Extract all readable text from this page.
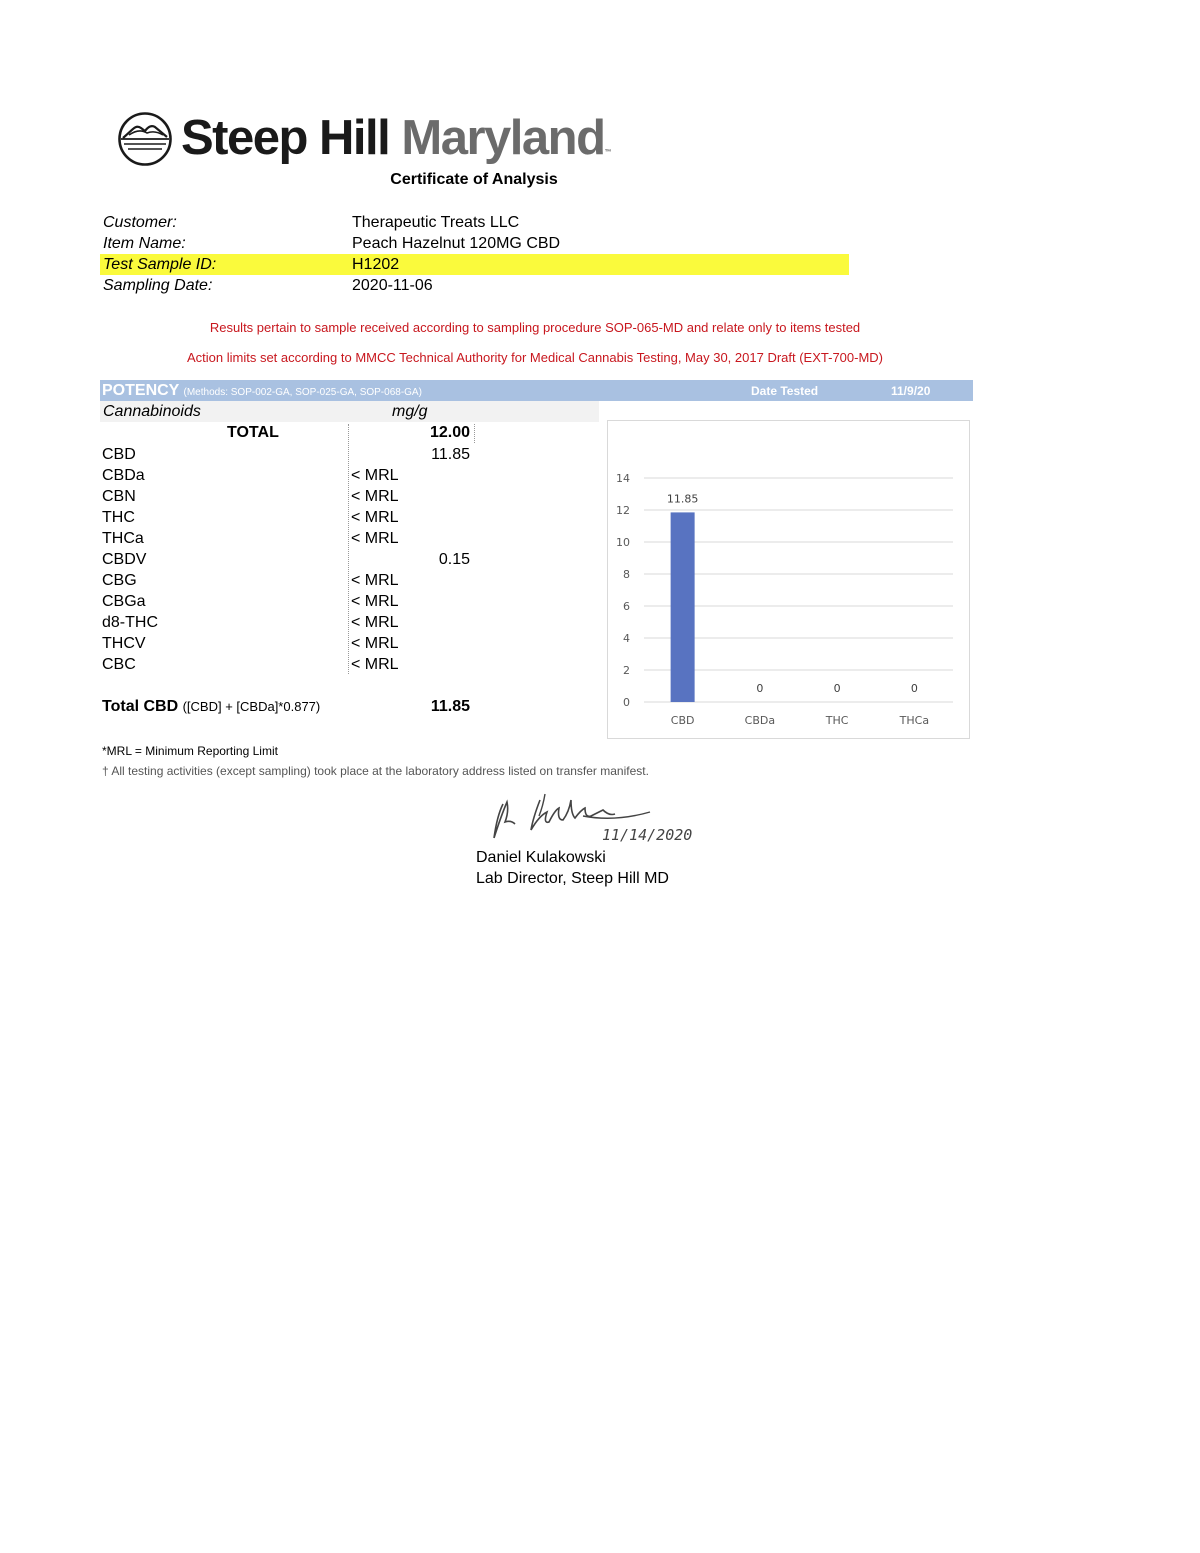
Steep Hill Maryland™
Certificate of Analysis
Customer:	Therapeutic Treats LLC
Item Name:	Peach Hazelnut 120MG CBD
Test Sample ID:	H1202
Sampling Date:	2020-11-06
Results pertain to sample received according to sampling procedure SOP-065-MD and relate only to items tested
Action limits set according to MMCC Technical Authority for Medical Cannabis Testing, May 30, 2017 Draft (EXT-700-MD)
POTENCY (Methods: SOP-002-GA, SOP-025-GA, SOP-068-GA)	Date Tested	11/9/20
Cannabinoids	mg/g
TOTAL	12.00
CBD	11.85
CBDa	< MRL
CBN	< MRL
THC	< MRL
THCa	< MRL
CBDV	0.15
CBG	< MRL
CBGa	< MRL
d8-THC	< MRL
THCV	< MRL
CBC	< MRL
Total CBD ([CBD] + [CBDa]*0.877)	11.85	0
2
4
6
8
10
12
14
11.85
CBD
0
CBDa
0
THC
0
THCa
*MRL = Minimum Reporting Limit
† All testing activities (except sampling) took place at the laboratory address listed on transfer manifest.
11/14/2020
Daniel Kulakowski
Lab Director, Steep Hill MD
